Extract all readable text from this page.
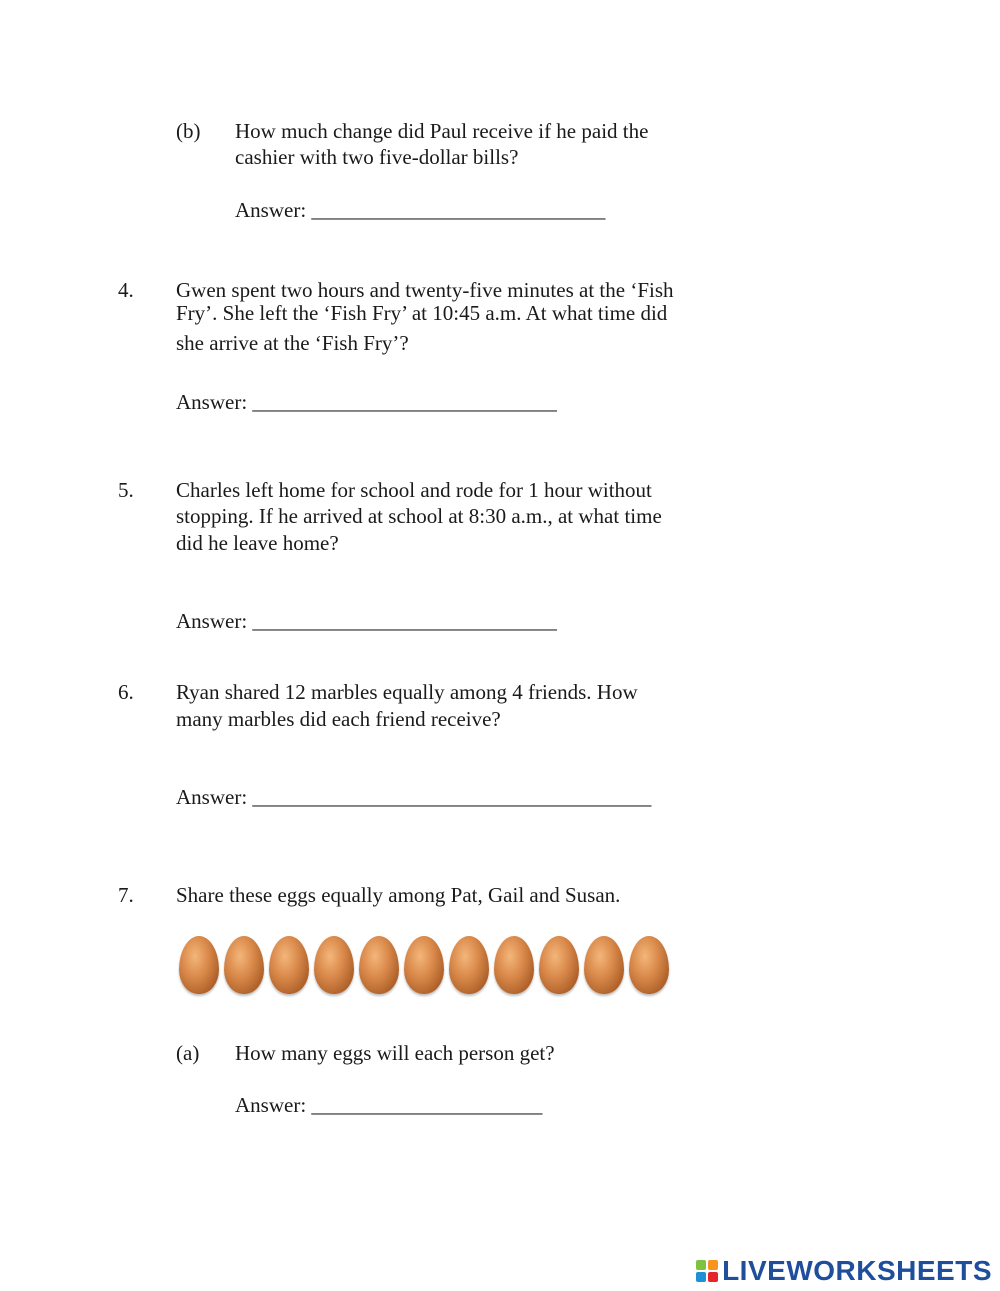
(b) How much change did Paul receive if he paid the
cashier with two five-dollar bills?
Answer: ____________________________
4. Gwen spent two hours and twenty-five minutes at the ‘Fish
Fry’. She left the ‘Fish Fry’ at 10:45 a.m. At what time did
she arrive at the ‘Fish Fry’?
Answer: _____________________________
5. Charles left home for school and rode for 1 hour without
stopping. If he arrived at school at 8:30 a.m., at what time
did he leave home?
Answer: _____________________________
6. Ryan shared 12 marbles equally among 4 friends. How
many marbles did each friend receive?
Answer: ______________________________________
7. Share these eggs equally among Pat, Gail and Susan.
(a) How many eggs will each person get?
Answer: ______________________
LIVEWORKSHEETS
